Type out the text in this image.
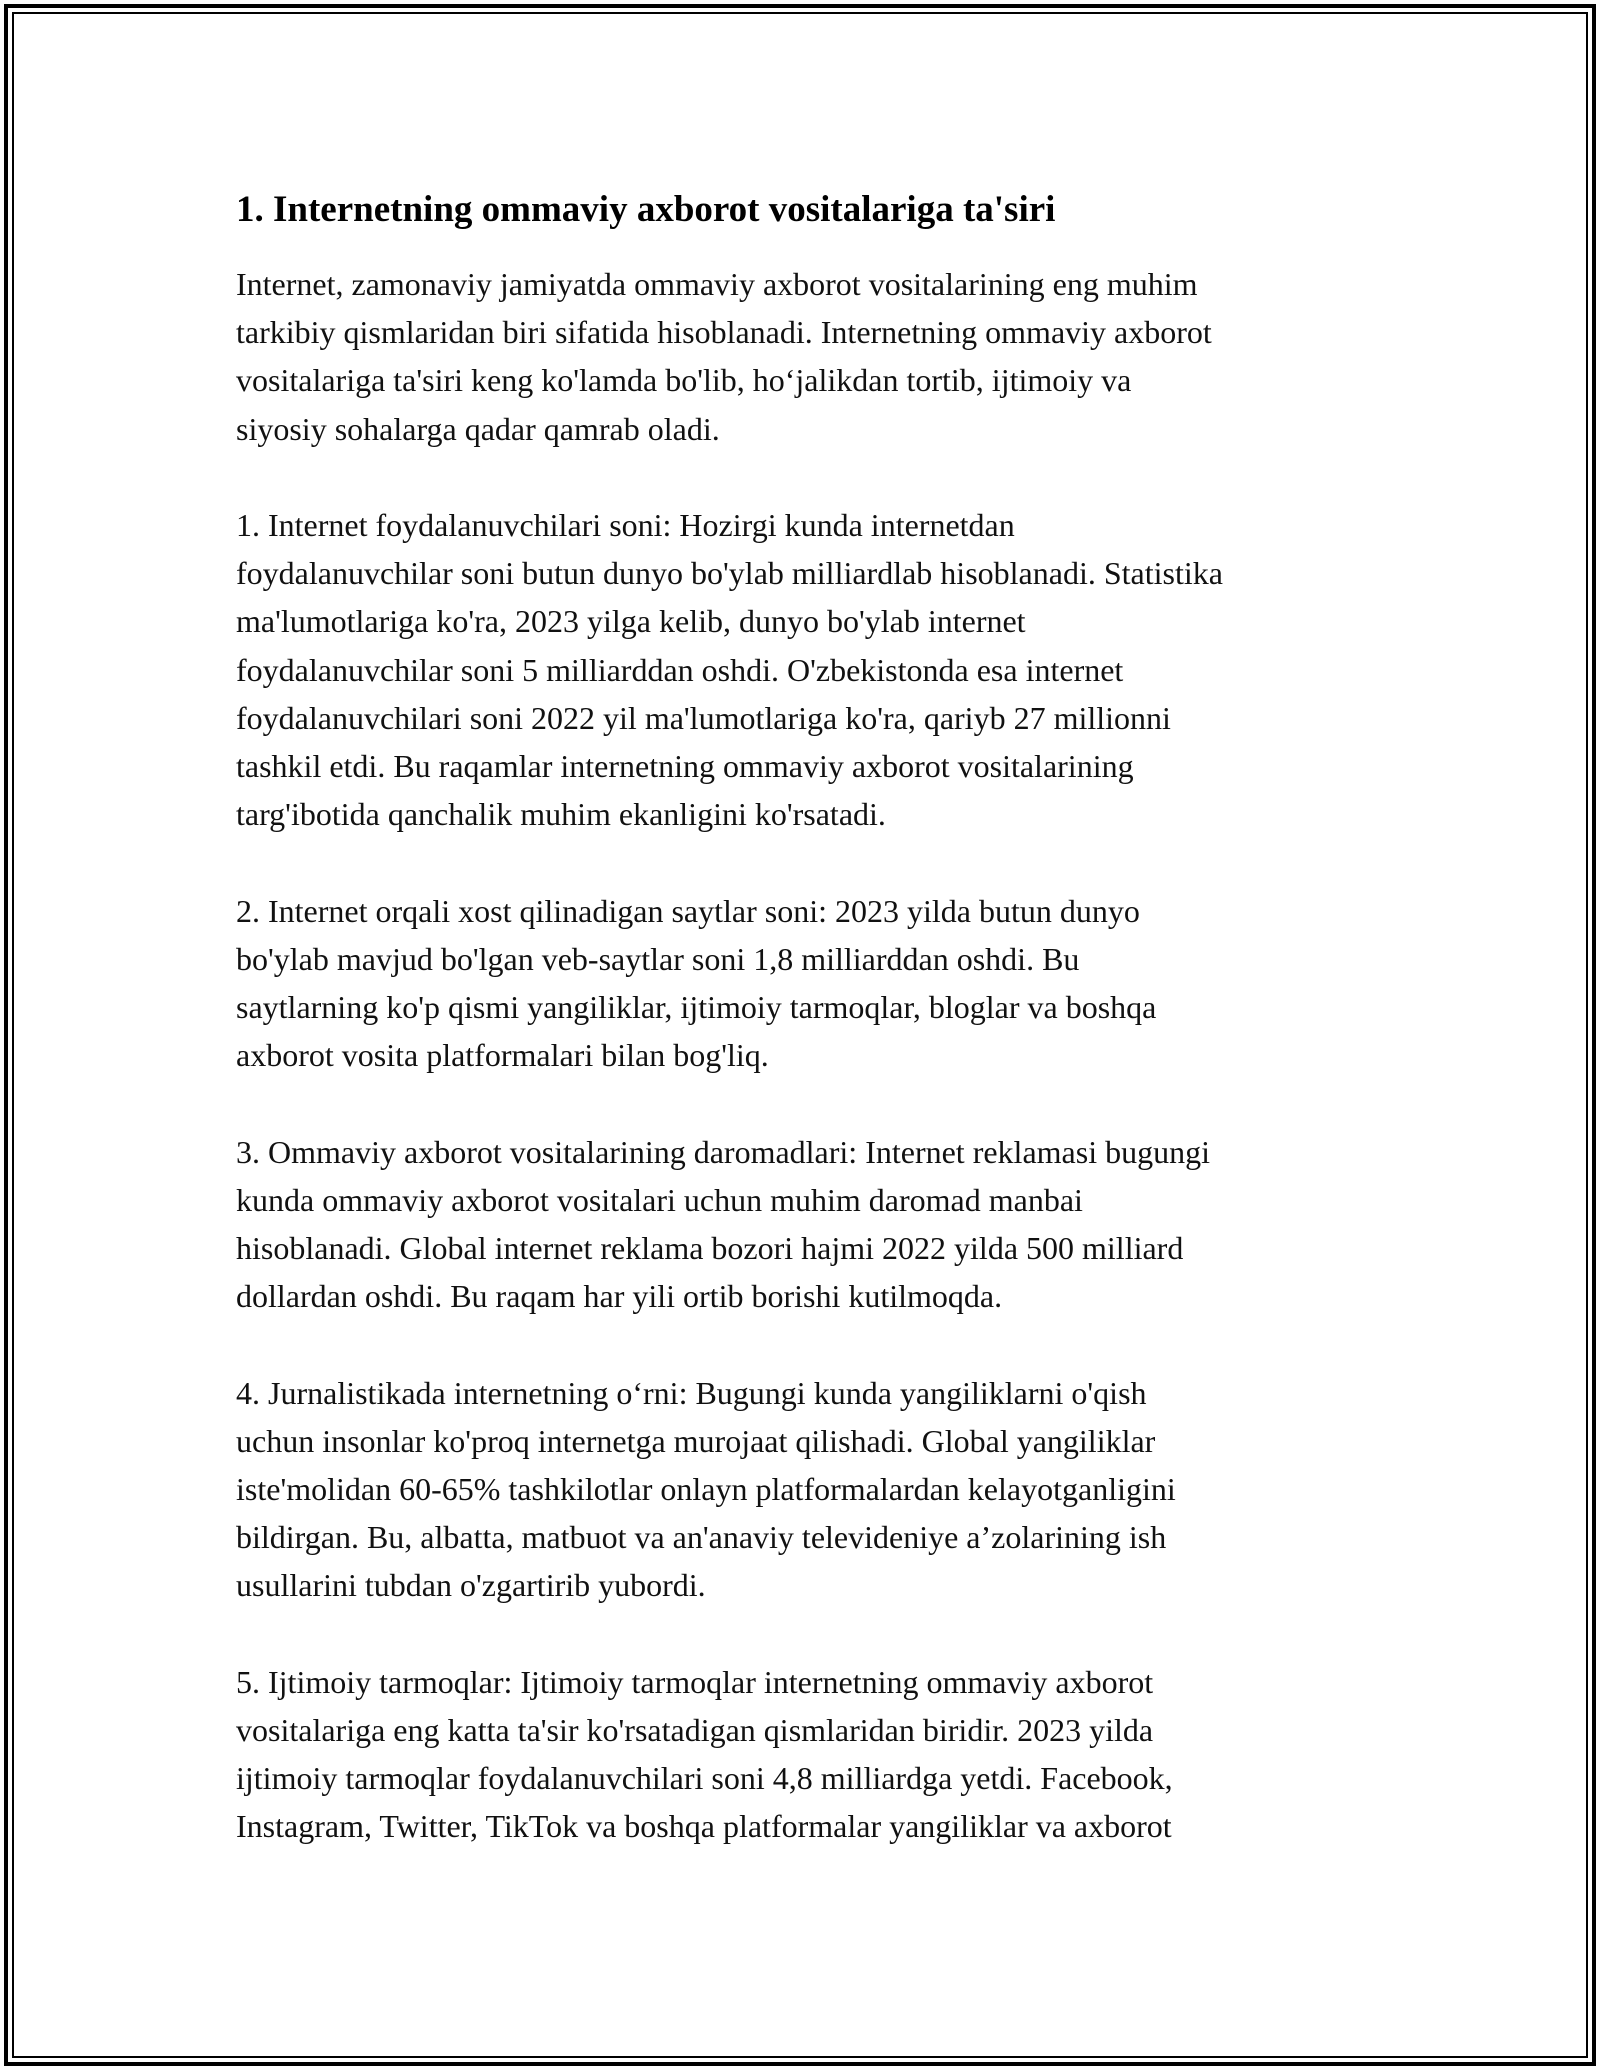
1. Internetning ommaviy axborot vositalariga ta'siri
Internet, zamonaviy jamiyatda ommaviy axborot vositalarining eng muhim
tarkibiy qismlaridan biri sifatida hisoblanadi. Internetning ommaviy axborot
vositalariga ta'siri keng ko'lamda bo'lib, ho‘jalikdan tortib, ijtimoiy va
siyosiy sohalarga qadar qamrab oladi.
1. Internet foydalanuvchilari soni: Hozirgi kunda internetdan
foydalanuvchilar soni butun dunyo bo'ylab milliardlab hisoblanadi. Statistika
ma'lumotlariga ko'ra, 2023 yilga kelib, dunyo bo'ylab internet
foydalanuvchilar soni 5 milliarddan oshdi. O'zbekistonda esa internet
foydalanuvchilari soni 2022 yil ma'lumotlariga ko'ra, qariyb 27 millionni
tashkil etdi. Bu raqamlar internetning ommaviy axborot vositalarining
targ'ibotida qanchalik muhim ekanligini ko'rsatadi.
2. Internet orqali xost qilinadigan saytlar soni: 2023 yilda butun dunyo
bo'ylab mavjud bo'lgan veb-saytlar soni 1,8 milliarddan oshdi. Bu
saytlarning ko'p qismi yangiliklar, ijtimoiy tarmoqlar, bloglar va boshqa
axborot vosita platformalari bilan bog'liq.
3. Ommaviy axborot vositalarining daromadlari: Internet reklamasi bugungi
kunda ommaviy axborot vositalari uchun muhim daromad manbai
hisoblanadi. Global internet reklama bozori hajmi 2022 yilda 500 milliard
dollardan oshdi. Bu raqam har yili ortib borishi kutilmoqda.
4. Jurnalistikada internetning o‘rni: Bugungi kunda yangiliklarni o'qish
uchun insonlar ko'proq internetga murojaat qilishadi. Global yangiliklar
iste'molidan 60-65% tashkilotlar onlayn platformalardan kelayotganligini
bildirgan. Bu, albatta, matbuot va an'anaviy televideniye a’zolarining ish
usullarini tubdan o'zgartirib yubordi.
5. Ijtimoiy tarmoqlar: Ijtimoiy tarmoqlar internetning ommaviy axborot
vositalariga eng katta ta'sir ko'rsatadigan qismlaridan biridir. 2023 yilda
ijtimoiy tarmoqlar foydalanuvchilari soni 4,8 milliardga yetdi. Facebook,
Instagram, Twitter, TikTok va boshqa platformalar yangiliklar va axborot
